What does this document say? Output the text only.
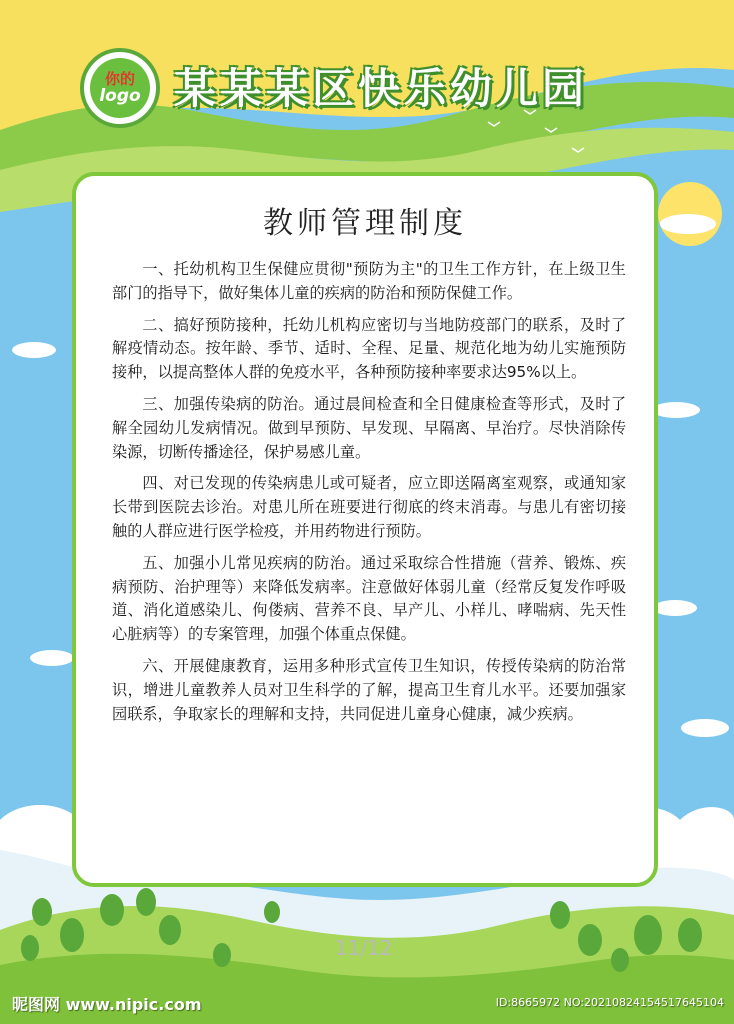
你的
logo 某某某区快乐幼儿园
教师管理制度

一、托幼机构卫生保健应贯彻"预防为主"的卫生工作方针，在上级卫生部门的指导下，做好集体儿童的疾病的防治和预防保健工作。

二、搞好预防接种，托幼儿机构应密切与当地防疫部门的联系，及时了解疫情动态。按年龄、季节、适时、全程、足量、规范化地为幼儿实施预防接种，以提高整体人群的免疫水平，各种预防接种率要求达95%以上。

三、加强传染病的防治。通过晨间检查和全日健康检查等形式，及时了解全园幼儿发病情况。做到早预防、早发现、早隔离、早治疗。尽快消除传染源，切断传播途径，保护易感儿童。

四、对已发现的传染病患儿或可疑者，应立即送隔离室观察，或通知家长带到医院去诊治。对患儿所在班要进行彻底的终末消毒。与患儿有密切接触的人群应进行医学检疫，并用药物进行预防。

五、加强小儿常见疾病的防治。通过采取综合性措施（营养、锻炼、疾病预防、治护理等）来降低发病率。注意做好体弱儿童（经常反复发作呼吸道、消化道感染儿、佝偻病、营养不良、早产儿、小样儿、哮喘病、先天性心脏病等）的专案管理，加强个体重点保健。

六、开展健康教育，运用多种形式宣传卫生知识，传授传染病的防治常识，增进儿童教养人员对卫生科学的了解，提高卫生育儿水平。还要加强家园联系，争取家长的理解和支持，共同促进儿童身心健康，减少疾病。

11/12
昵图网 www.nipic.com	ID:8665972 NO:20210824154517645104
